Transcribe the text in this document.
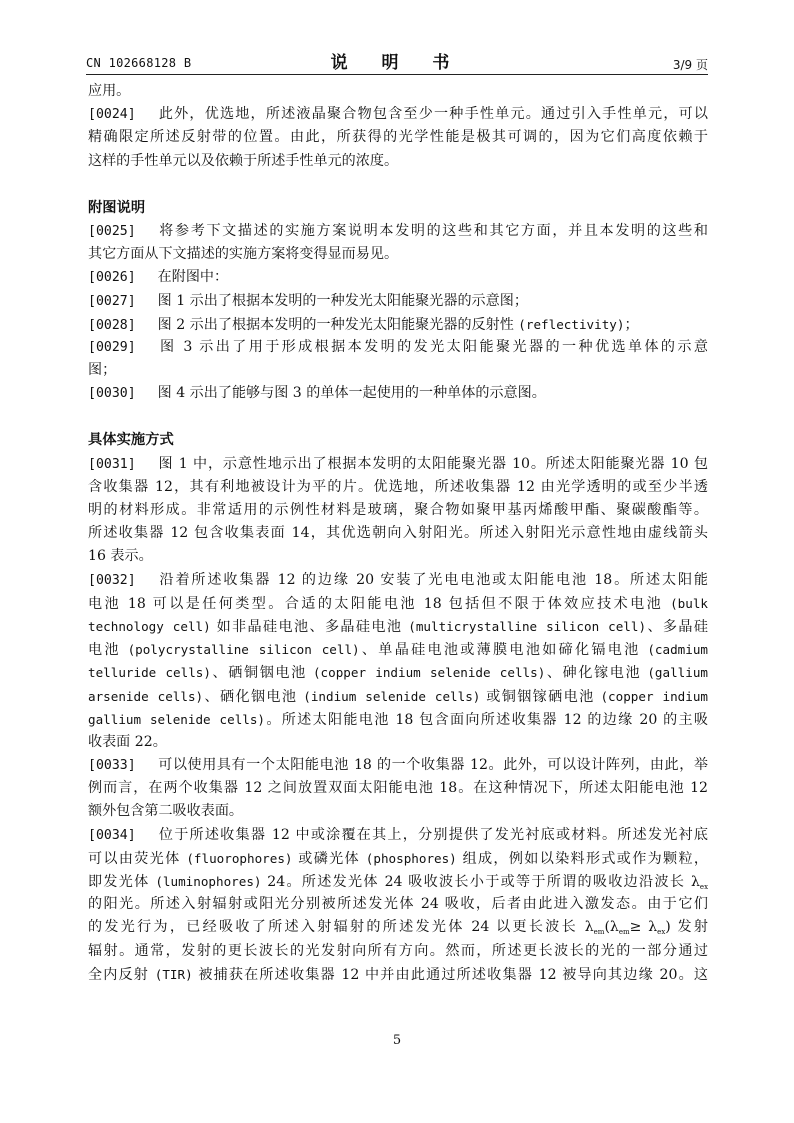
CN 102668128 B	说 明 书	3/9 页
应用。
[0024] 此外，优选地，所述液晶聚合物包含至少一种手性单元。通过引入手性单元，可以
精确限定所述反射带的位置。由此，所获得的光学性能是极其可调的，因为它们高度依赖于
这样的手性单元以及依赖于所述手性单元的浓度。
附图说明
[0025] 将参考下文描述的实施方案说明本发明的这些和其它方面，并且本发明的这些和
其它方面从下文描述的实施方案将变得显而易见。
[0026] 在附图中：
[0027] 图 1 示出了根据本发明的一种发光太阳能聚光器的示意图；
[0028] 图 2 示出了根据本发明的一种发光太阳能聚光器的反射性 (reflectivity)；
[0029] 图 3 示出了用于形成根据本发明的发光太阳能聚光器的一种优选单体的示意
图；
[0030] 图 4 示出了能够与图 3 的单体一起使用的一种单体的示意图。
具体实施方式
[0031] 图 1 中，示意性地示出了根据本发明的太阳能聚光器 10。所述太阳能聚光器 10 包
含收集器 12，其有利地被设计为平的片。优选地，所述收集器 12 由光学透明的或至少半透
明的材料形成。非常适用的示例性材料是玻璃，聚合物如聚甲基丙烯酸甲酯、聚碳酸酯等。
所述收集器 12 包含收集表面 14，其优选朝向入射阳光。所述入射阳光示意性地由虚线箭头
16 表示。
[0032] 沿着所述收集器 12 的边缘 20 安装了光电电池或太阳能电池 18。所述太阳能
电池 18 可以是任何类型。合适的太阳能电池 18 包括但不限于体效应技术电池 (bulk
technology cell) 如非晶硅电池、多晶硅电池 (multicrystalline silicon cell)、多晶硅
电池 (polycrystalline silicon cell)、单晶硅电池或薄膜电池如碲化镉电池 (cadmium
telluride cells)、硒铜铟电池 (copper indium selenide cells)、砷化镓电池 (gallium
arsenide cells)、硒化铟电池 (indium selenide cells) 或铜铟镓硒电池 (copper indium
gallium selenide cells)。所述太阳能电池 18 包含面向所述收集器 12 的边缘 20 的主吸
收表面 22。
[0033] 可以使用具有一个太阳能电池 18 的一个收集器 12。此外，可以设计阵列，由此，举
例而言，在两个收集器 12 之间放置双面太阳能电池 18。在这种情况下，所述太阳能电池 12
额外包含第二吸收表面。
[0034] 位于所述收集器 12 中或涂覆在其上，分别提供了发光衬底或材料。所述发光衬底
可以由荧光体 (fluorophores) 或磷光体 (phosphores) 组成，例如以染料形式或作为颗粒，
即发光体 (luminophores) 24。所述发光体 24 吸收波长小于或等于所谓的吸收边沿波长 $\lambda_{ex}$
的阳光。所述入射辐射或阳光分别被所述发光体 24 吸收，后者由此进入激发态。由于它们
的发光行为，已经吸收了所述入射辐射的所述发光体 24 以更长波长 $\lambda_{em}(\lambda_{em}\ge \lambda_{ex})$ 发射
辐射。通常，发射的更长波长的光发射向所有方向。然而，所述更长波长的光的一部分通过
全内反射 (TIR) 被捕获在所述收集器 12 中并由此通过所述收集器 12 被导向其边缘 20。这
5
